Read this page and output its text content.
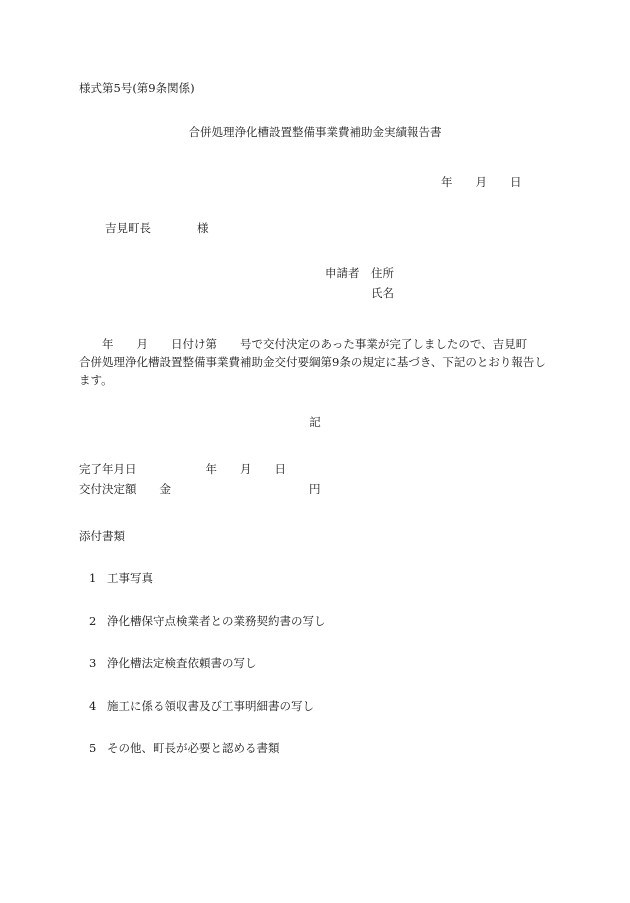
様式第5号(第9条関係)
合併処理浄化槽設置整備事業費補助金実績報告書
年　　月　　日
吉見町長　　　　様
申請者　住所
氏名
　　年　　月　　日付け第　　号で交付決定のあった事業が完了しましたので、吉見町
合併処理浄化槽設置整備事業費補助金交付要綱第9条の規定に基づき、下記のとおり報告し
ます。
記
完了年月日　　　　　　年　　月　　日
交付決定額　　金　　　　　　　　　　　　円
添付書類

1 工事写真

2 浄化槽保守点検業者との業務契約書の写し

3 浄化槽法定検査依頼書の写し

4 施工に係る領収書及び工事明細書の写し

5 その他、町長が必要と認める書類
